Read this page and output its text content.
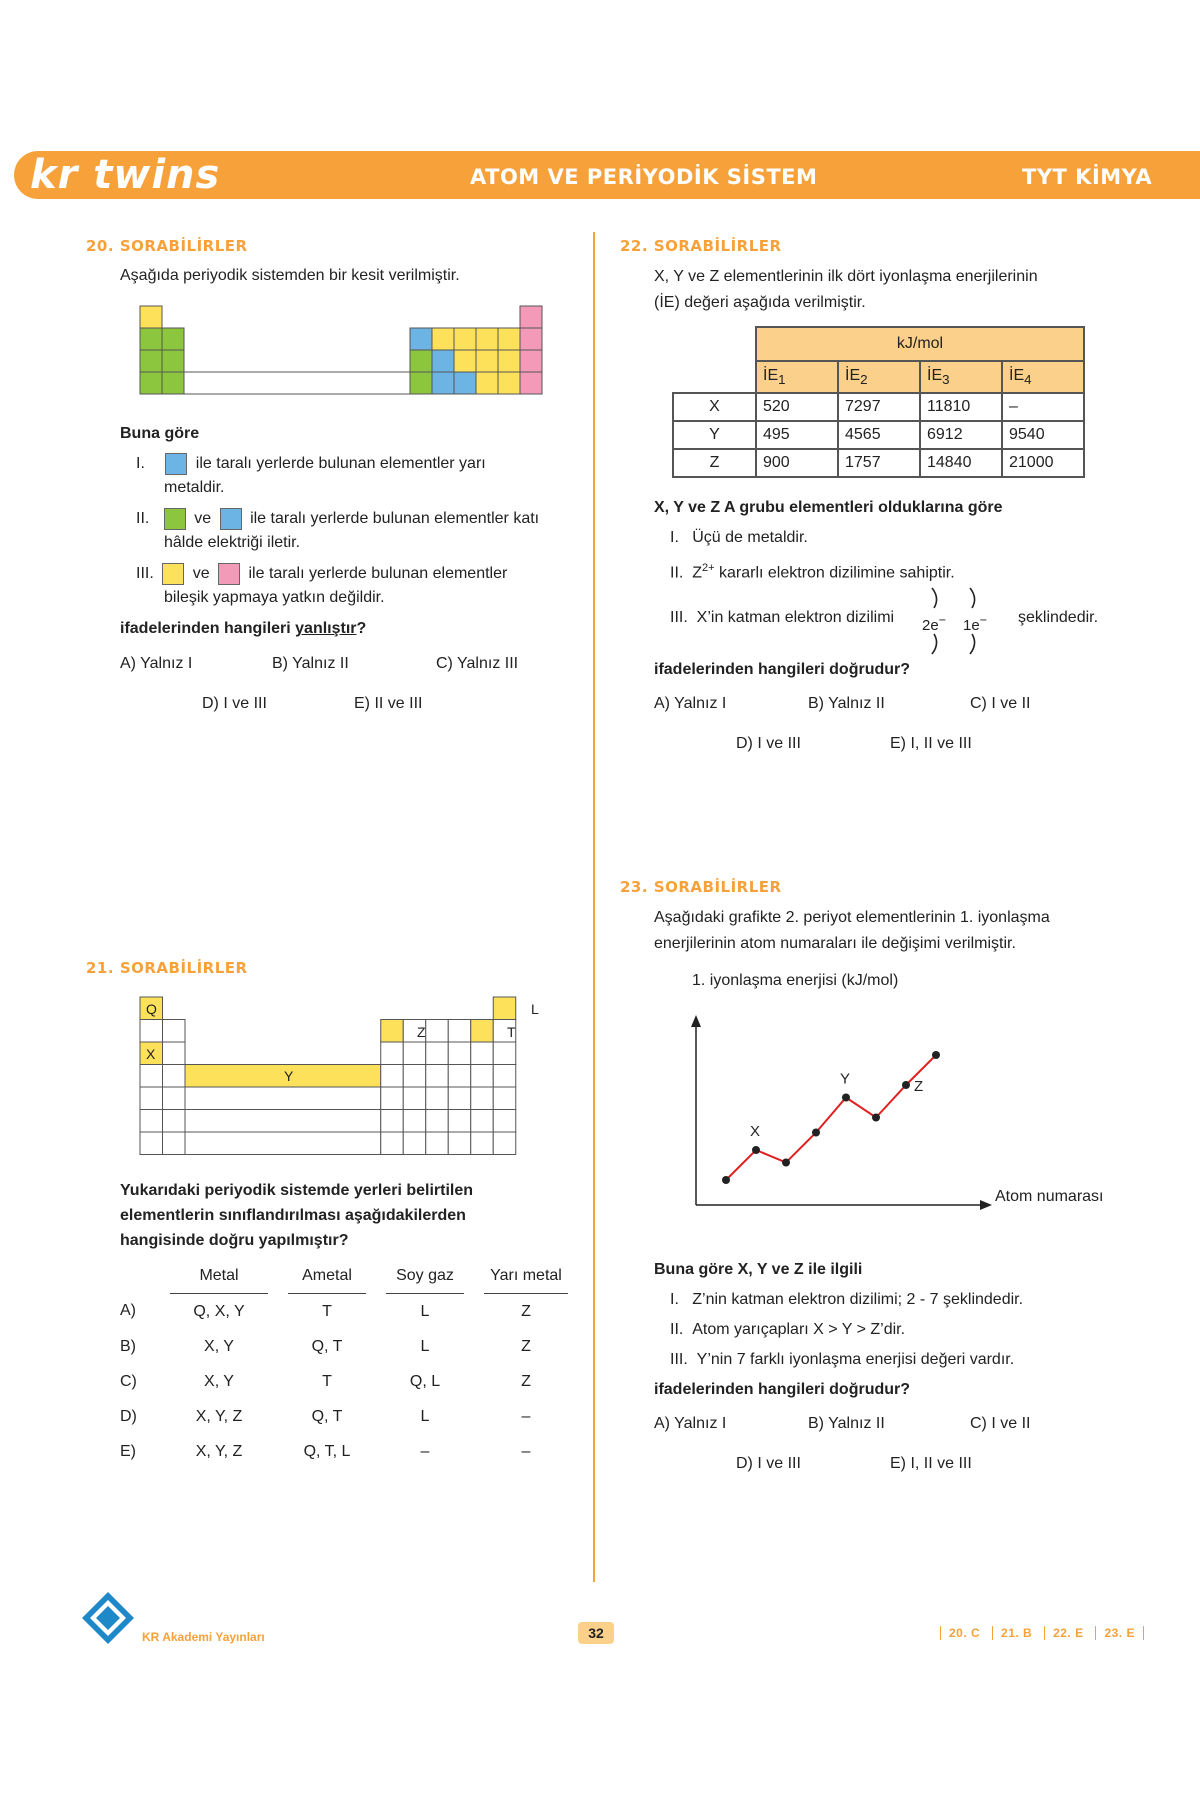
kr twins	ATOM VE PERİYODİK SİSTEM	TYT KİMYA
20. SORABİLİRLER
Aşağıda periyodik sistemden bir kesit verilmiştir.
Buna göre
I.	ile taralı yerlerde bulunan elementler yarı
metaldir.
II.	ve ile taralı yerlerde bulunan elementler katı
hâlde elektriği iletir.
III. ve ile taralı yerlerde bulunan elementler
bileşik yapmaya yatkın değildir.
ifadelerinden hangileri yanlıştır?
A) Yalnız I	B) Yalnız II	C) Yalnız III
D) I ve III	E) II ve III
21. SORABİLİRLER
Q
X
Y
Z	T
L
Yukarıdaki periyodik sistemde yerleri belirtilen
elementlerin sınıflandırılması aşağıdakilerden
hangisinde doğru yapılmıştır?
	Metal		Ametal		Soy gaz		Yarı metal
A)	Q, X, Y		T		L		Z
B)	X, Y		Q, T		L		Z
C)	X, Y		T		Q, L		Z
D)	X, Y, Z		Q, T		L		–
E)	X, Y, Z		Q, T, L		–		–
22. SORABİLİRLER
X, Y ve Z elementlerinin ilk dört iyonlaşma enerjilerinin
(İE) değeri aşağıda verilmiştir.
	kJ/mol			
	$İE_1$	$İE_2$	$İE_3$	$İE_4$
X	520	7297	11810	–
Y	495	4565	6912	9540
Z	900	1757	14840	21000
X, Y ve Z A grubu elementleri olduklarına göre
I. Üçü de metaldir.
II. $Z^{2+}$ kararlı elektron dizilimine sahiptir.
III. X’in katman elektron dizilimi 2e− 1e− şeklindedir.
ifadelerinden hangileri doğrudur?
A) Yalnız I	B) Yalnız II	C) I ve II
D) I ve III	E) I, II ve III
23. SORABİLİRLER
Aşağıdaki grafikte 2. periyot elementlerinin 1. iyonlaşma
enerjilerinin atom numaraları ile değişimi verilmiştir.
1. iyonlaşma enerjisi (kJ/mol)
Atom numarası
X
Y	Z
Buna göre X, Y ve Z ile ilgili
I. Z’nin katman elektron dizilimi; 2 - 7 şeklindedir.
II. Atom yarıçapları X > Y > Z’dir.
III. Y’nin 7 farklı iyonlaşma enerjisi değeri vardır.
ifadelerinden hangileri doğrudur?
A) Yalnız I	B) Yalnız II	C) I ve II
D) I ve III	E) I, II ve III
KR Akademi Yayınları	32	20. C 21. B 22. E 23. E
